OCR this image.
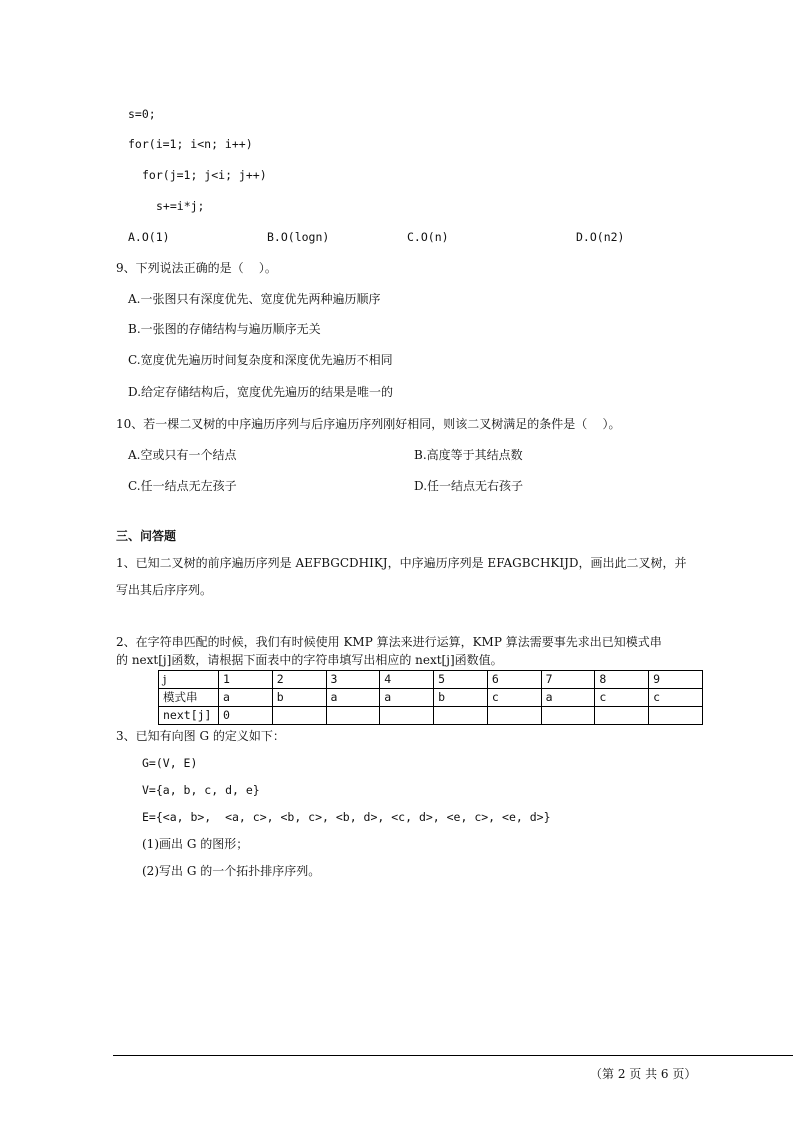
s=0;
for(i=1; i<n; i++)
for(j=1; j<i; j++)
s+=i*j;
A.O(1)	B.O(logn)	C.O(n)	D.O(n2)
9、下列说法正确的是（    ）。
A.一张图只有深度优先、宽度优先两种遍历顺序
B.一张图的存储结构与遍历顺序无关
C.宽度优先遍历时间复杂度和深度优先遍历不相同
D.给定存储结构后，宽度优先遍历的结果是唯一的
10、若一棵二叉树的中序遍历序列与后序遍历序列刚好相同，则该二叉树满足的条件是（    ）。
A.空或只有一个结点	B.高度等于其结点数
C.任一结点无左孩子	D.任一结点无右孩子
三、问答题
1、已知二叉树的前序遍历序列是 AEFBGCDHIKJ，中序遍历序列是 EFAGBCHKIJD，画出此二叉树，并
写出其后序序列。
2、在字符串匹配的时候，我们有时候使用 KMP 算法来进行运算，KMP 算法需要事先求出已知模式串
的 next[j]函数，请根据下面表中的字符串填写出相应的 next[j]函数值。
j	1	2	3	4	5	6	7	8	9
模式串	a	b	a	a	b	c	a	c	c
next[j]	0								
3、已知有向图 G 的定义如下：
G=(V, E)
V={a, b, c, d, e}
E={<a, b>,  <a, c>, <b, c>, <b, d>, <c, d>, <e, c>, <e, d>}
(1)画出 G 的图形；
(2)写出 G 的一个拓扑排序序列。
（第 2 页 共 6 页）
